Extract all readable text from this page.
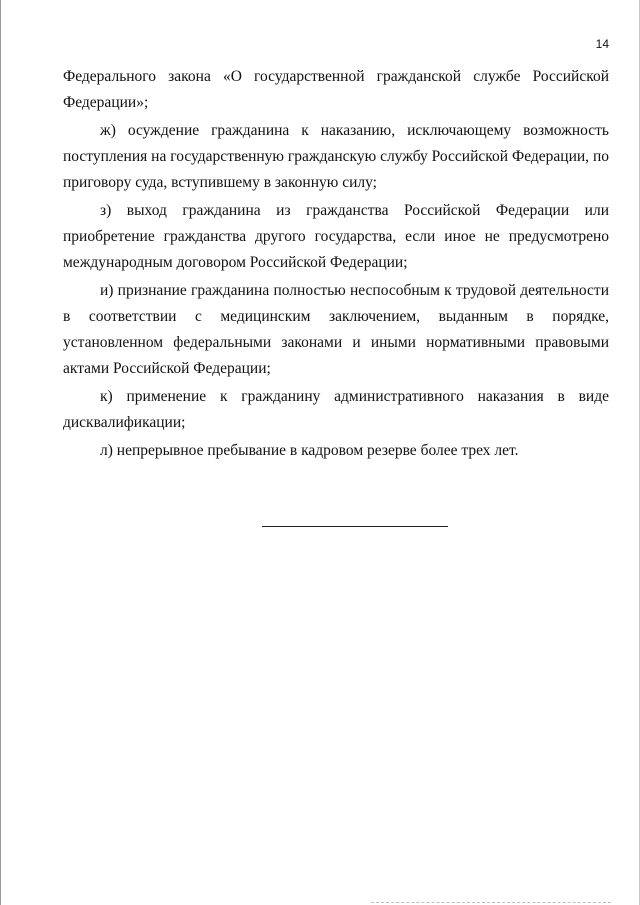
14

Федерального закона «О государственной гражданской службе Российской Федерации»;

ж) осуждение гражданина к наказанию, исключающему возможность поступления на государственную гражданскую службу Российской Федерации, по приговору суда, вступившему в законную силу;

з) выход гражданина из гражданства Российской Федерации или приобретение гражданства другого государства, если иное не предусмотрено международным договором Российской Федерации;

и) признание гражданина полностью неспособным к трудовой деятельности в соответствии с медицинским заключением, выданным в порядке, установленном федеральными законами и иными нормативными правовыми актами Российской Федерации;

к) применение к гражданину административного наказания в виде дисквалификации;

л) непрерывное пребывание в кадровом резерве более трех лет.
